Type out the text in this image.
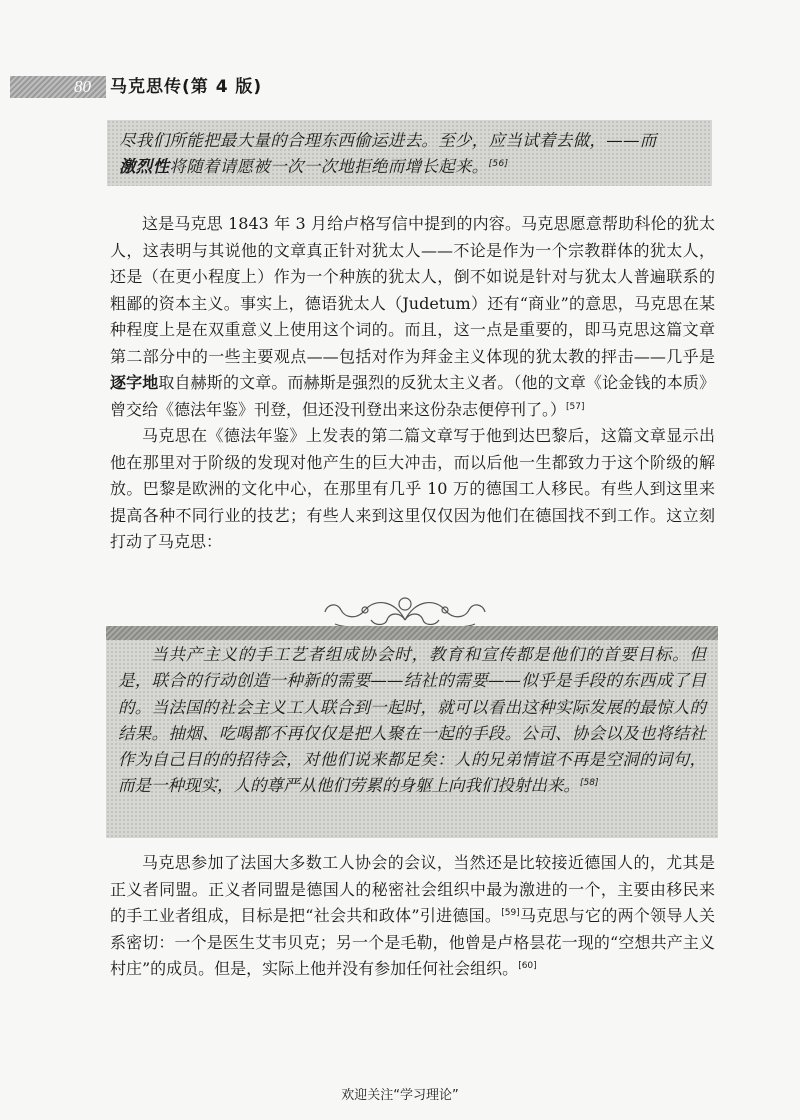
80	马克思传(第 4 版)

尽我们所能把最大量的合理东西偷运进去。至少，应当试着去做，——而
激烈性将随着请愿被一次一次地拒绝而增长起来。[56]

这是马克思 1843 年 3 月给卢格写信中提到的内容。马克思愿意帮助科伦的犹太人，这表明与其说他的文章真正针对犹太人——不论是作为一个宗教群体的犹太人，还是（在更小程度上）作为一个种族的犹太人，倒不如说是针对与犹太人普遍联系的粗鄙的资本主义。事实上，德语犹太人（Judetum）还有“商业”的意思，马克思在某种程度上是在双重意义上使用这个词的。而且，这一点是重要的，即马克思这篇文章第二部分中的一些主要观点——包括对作为拜金主义体现的犹太教的抨击——几乎是逐字地取自赫斯的文章。而赫斯是强烈的反犹太主义者。（他的文章《论金钱的本质》曾交给《德法年鉴》刊登，但还没刊登出来这份杂志便停刊了。）[57]

马克思在《德法年鉴》上发表的第二篇文章写于他到达巴黎后，这篇文章显示出他在那里对于阶级的发现对他产生的巨大冲击，而以后他一生都致力于这个阶级的解放。巴黎是欧洲的文化中心，在那里有几乎 10 万的德国工人移民。有些人到这里来提高各种不同行业的技艺；有些人来到这里仅仅因为他们在德国找不到工作。这立刻打动了马克思：

当共产主义的手工艺者组成协会时，教育和宣传都是他们的首要目标。但是，联合的行动创造一种新的需要——结社的需要——似乎是手段的东西成了目的。当法国的社会主义工人联合到一起时，就可以看出这种实际发展的最惊人的结果。抽烟、吃喝都不再仅仅是把人聚在一起的手段。公司、协会以及也将结社作为自己目的的招待会，对他们说来都足矣：人的兄弟情谊不再是空洞的词句，而是一种现实，人的尊严从他们劳累的身躯上向我们投射出来。[58]

马克思参加了法国大多数工人协会的会议，当然还是比较接近德国人的，尤其是正义者同盟。正义者同盟是德国人的秘密社会组织中最为激进的一个，主要由移民来的手工业者组成，目标是把“社会共和政体”引进德国。[59]马克思与它的两个领导人关系密切：一个是医生艾韦贝克；另一个是毛勒，他曾是卢格昙花一现的“空想共产主义村庄”的成员。但是，实际上他并没有参加任何社会组织。[60]

欢迎关注“学习理论”
